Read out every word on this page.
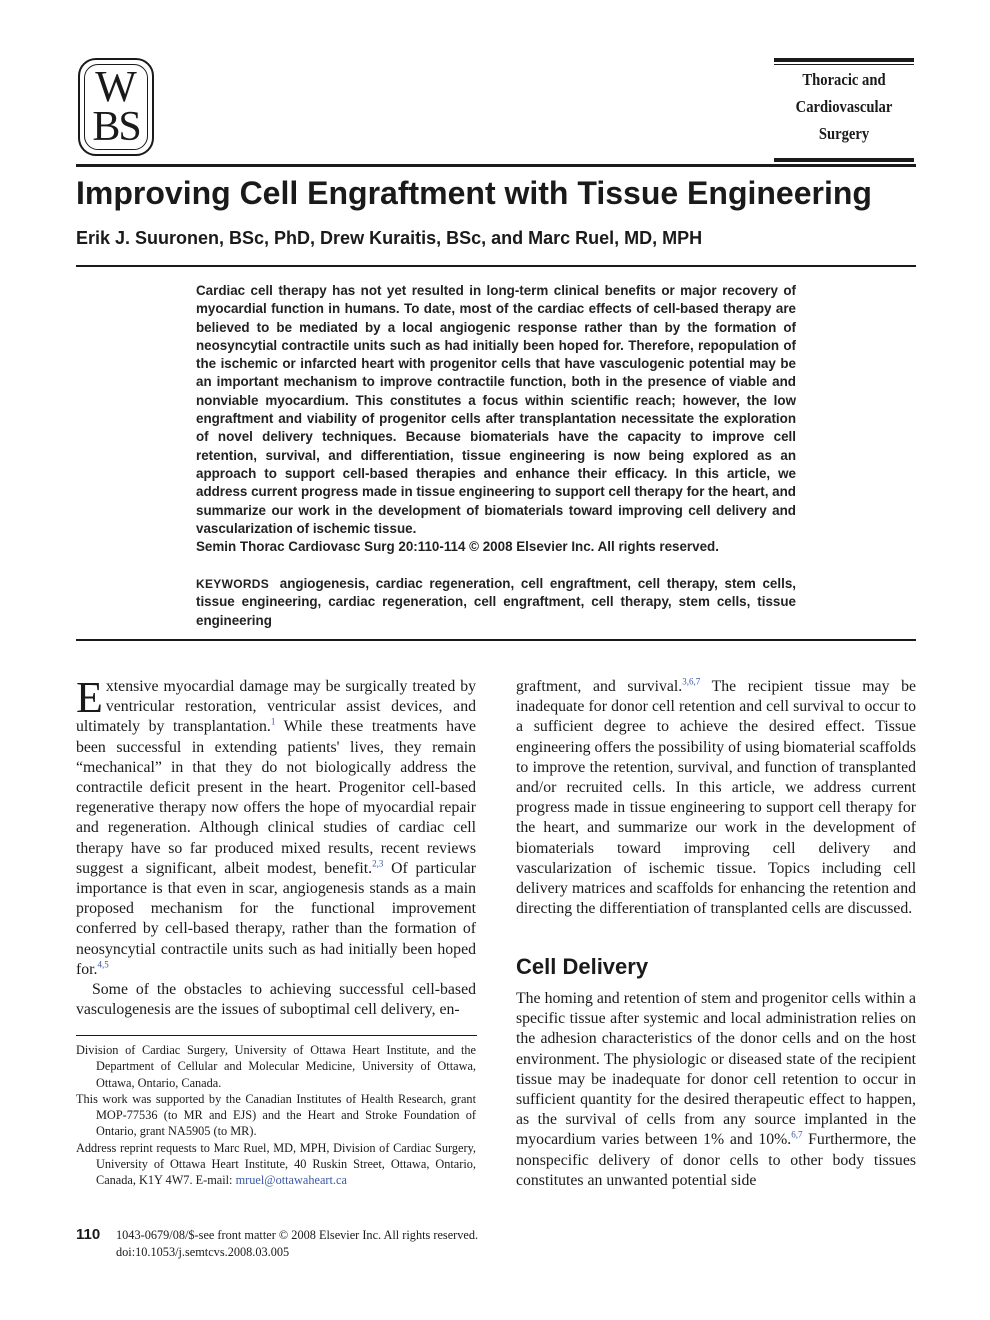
W
BS
Thoracic and
Cardiovascular
Surgery
Improving Cell Engraftment with Tissue Engineering
Erik J. Suuronen, BSc, PhD, Drew Kuraitis, BSc, and Marc Ruel, MD, MPH

Cardiac cell therapy has not yet resulted in long-term clinical benefits or major recovery of myocardial function in humans. To date, most of the cardiac effects of cell-based therapy are believed to be mediated by a local angiogenic response rather than by the formation of neosyncytial contractile units such as had initially been hoped for. Therefore, repopulation of the ischemic or infarcted heart with progenitor cells that have vasculogenic potential may be an important mechanism to improve contractile function, both in the presence of viable and nonviable myocardium. This constitutes a focus within scientific reach; however, the low engraftment and viability of progenitor cells after transplantation necessitate the exploration of novel delivery techniques. Because biomaterials have the capacity to improve cell retention, survival, and differentiation, tissue engineering is now being explored as an approach to support cell-based therapies and enhance their efficacy. In this article, we address current progress made in tissue engineering to support cell therapy for the heart, and summarize our work in the development of biomaterials toward improving cell delivery and vascularization of ischemic tissue.

Semin Thorac Cardiovasc Surg 20:110-114 © 2008 Elsevier Inc. All rights reserved.

KEYWORDS angiogenesis, cardiac regeneration, cell engraftment, cell therapy, stem cells, tissue engineering, cardiac regeneration, cell engraftment, cell therapy, stem cells, tissue engineering

Extensive myocardial damage may be surgically treated by ventricular restoration, ventricular assist devices, and ultimately by transplantation.$^1$ While these treatments have been successful in extending patients' lives, they remain “mechanical” in that they do not biologically address the contractile deficit present in the heart. Progenitor cell-based regenerative therapy now offers the hope of myocardial repair and regeneration. Although clinical studies of cardiac cell therapy have so far produced mixed results, recent reviews suggest a significant, albeit modest, benefit.$^{2,3}$ Of particular importance is that even in scar, angiogenesis stands as a main proposed mechanism for the functional improvement conferred by cell-based therapy, rather than the formation of neosyncytial contractile units such as had initially been hoped for.$^{4,5}$

Some of the obstacles to achieving successful cell-based vasculogenesis are the issues of suboptimal cell delivery, en-

graftment, and survival.$^{3,6,7}$ The recipient tissue may be inadequate for donor cell retention and cell survival to occur to a sufficient degree to achieve the desired effect. Tissue engineering offers the possibility of using biomaterial scaffolds to improve the retention, survival, and function of transplanted and/or recruited cells. In this article, we address current progress made in tissue engineering to support cell therapy for the heart, and summarize our work in the development of biomaterials toward improving cell delivery and vascularization of ischemic tissue. Topics including cell delivery matrices and scaffolds for enhancing the retention and directing the differentiation of transplanted cells are discussed.

Cell Delivery

The homing and retention of stem and progenitor cells within a specific tissue after systemic and local administration relies on the adhesion characteristics of the donor cells and on the host environment. The physiologic or diseased state of the recipient tissue may be inadequate for donor cell retention to occur in sufficient quantity for the desired therapeutic effect to happen, as the survival of cells from any source implanted in the myocardium varies between 1% and 10%.$^{6,7}$ Furthermore, the nonspecific delivery of donor cells to other body tissues constitutes an unwanted potential side

Division of Cardiac Surgery, University of Ottawa Heart Institute, and the Department of Cellular and Molecular Medicine, University of Ottawa, Ottawa, Ontario, Canada.

This work was supported by the Canadian Institutes of Health Research, grant MOP-77536 (to MR and EJS) and the Heart and Stroke Foundation of Ontario, grant NA5905 (to MR).

Address reprint requests to Marc Ruel, MD, MPH, Division of Cardiac Surgery, University of Ottawa Heart Institute, 40 Ruskin Street, Ottawa, Ontario, Canada, K1Y 4W7. E-mail: mruel@ottawaheart.ca

110 1043-0679/08/$-see front matter © 2008 Elsevier Inc. All rights reserved.
doi:10.1053/j.semtcvs.2008.03.005
